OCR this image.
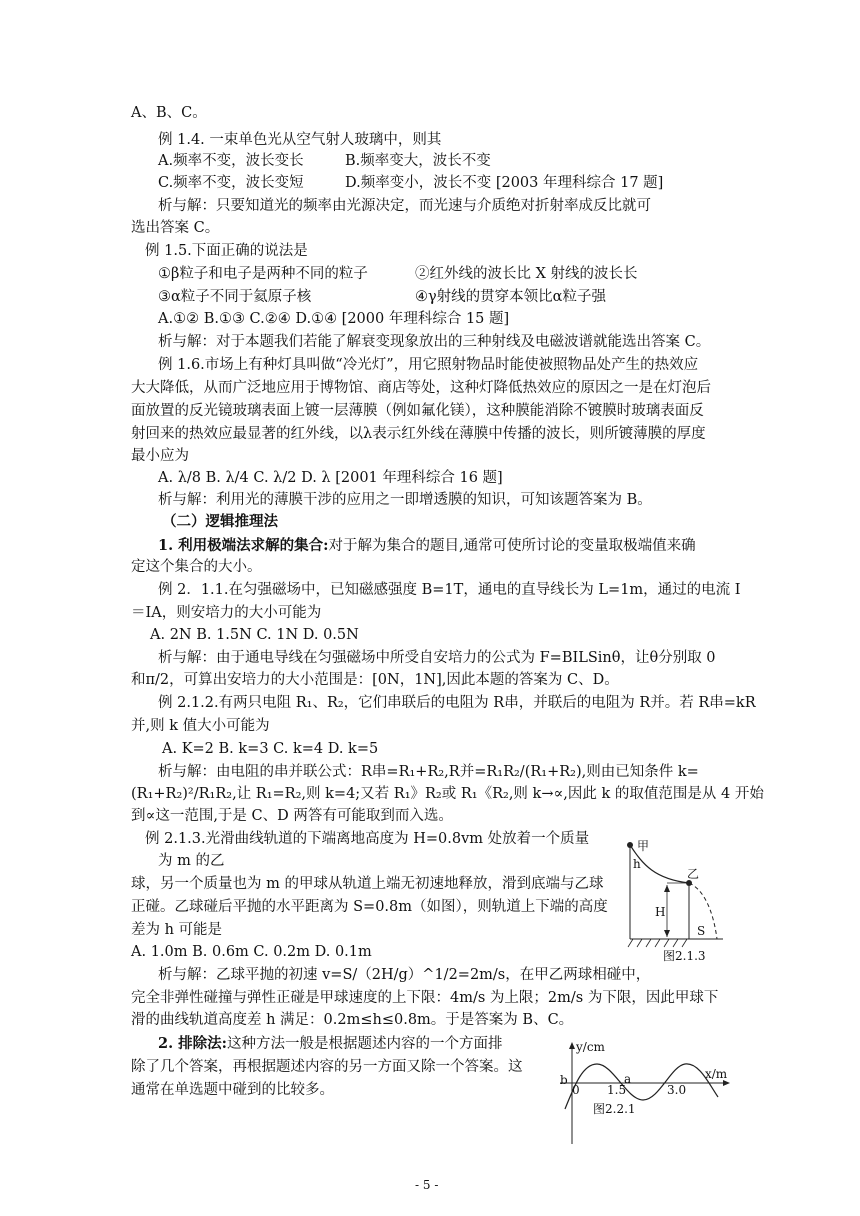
A、B、C。
例 1.4. 一束单色光从空气射人玻璃中，则其
A.频率不变，波长变长	B.频率变大，波长不变
C.频率不变，波长变短	D.频率变小，波长不变 [2003 年理科综合 17 题]
析与解：只要知道光的频率由光源决定，而光速与介质绝对折射率成反比就可
选出答案 C。
例 1.5.下面正确的说法是
①β粒子和电子是两种不同的粒子	②红外线的波长比 X 射线的波长长
③α粒子不同于氦原子核	④γ射线的贯穿本领比α粒子强
A.①② B.①③ C.②④ D.①④ [2000 年理科综合 15 题]
析与解：对于本题我们若能了解衰变现象放出的三种射线及电磁波谱就能选出答案 C。
例 1.6.市场上有种灯具叫做“冷光灯”，用它照射物品时能使被照物品处产生的热效应
大大降低，从而广泛地应用于博物馆、商店等处，这种灯降低热效应的原因之一是在灯泡后
面放置的反光镜玻璃表面上镀一层薄膜（例如氟化镁），这种膜能消除不镀膜时玻璃表面反
射回来的热效应最显著的红外线，以λ表示红外线在薄膜中传播的波长，则所镀薄膜的厚度
最小应为
A. λ/8 B. λ/4 C. λ/2 D. λ [2001 年理科综合 16 题]
析与解：利用光的薄膜干涉的应用之一即增透膜的知识，可知该题答案为 B。
（二）逻辑推理法
1. 利用极端法求解的集合:对于解为集合的题目,通常可使所讨论的变量取极端值来确
定这个集合的大小。
例 2．1.1.在匀强磁场中，已知磁感强度 B=1T，通电的直导线长为 L=1m，通过的电流 I
＝IA，则安培力的大小可能为
A. 2N B. 1.5N C. 1N D. 0.5N
析与解：由于通电导线在匀强磁场中所受自安培力的公式为 F=BILSinθ，让θ分别取 0
和π/2，可算出安培力的大小范围是：[0N，1N],因此本题的答案为 C、D。
例 2.1.2.有两只电阻 R₁、R₂，它们串联后的电阻为 R串，并联后的电阻为 R并。若 R串=kR
并,则 k 值大小可能为
A. K=2 B. k=3 C. k=4 D. k=5
析与解：由电阻的串并联公式：R串=R₁+R₂,R并=R₁R₂/(R₁+R₂),则由已知条件 k=
(R₁+R₂)²/R₁R₂,让 R₁=R₂,则 k=4;又若 R₁》R₂或 R₁《R₂,则 k→∝,因此 k 的取值范围是从 4 开始
到∝这一范围,于是 C、D 两答有可能取到而入选。
例 2.1.3.光滑曲线轨道的下端离地高度为 H=0.8vm 处放着一个质量
为 m 的乙
球，另一个质量也为 m 的甲球从轨道上端无初速地释放，滑到底端与乙球
正碰。乙球碰后平抛的水平距离为 S=0.8m（如图），则轨道上下端的高度
差为 h 可能是
A. 1.0m B. 0.6m C. 0.2m D. 0.1m
析与解：乙球平抛的初速 v=S/（2H/g）^1/2=2m/s，在甲乙两球相碰中，
完全非弹性碰撞与弹性正碰是甲球速度的上下限：4m/s 为上限；2m/s 为下限，因此甲球下
滑的曲线轨道高度差 h 满足：0.2m≤h≤0.8m。于是答案为 B、C。
2. 排除法:这种方法一般是根据题述内容的一个方面排
除了几个答案，再根据题述内容的另一方面又除一个答案。这
通常在单选题中碰到的比较多。
甲
乙
h
H
S
图2.1.3
y/cm
x/m
b
0 1.5
a
3.0
图2.2.1
- 5 -
